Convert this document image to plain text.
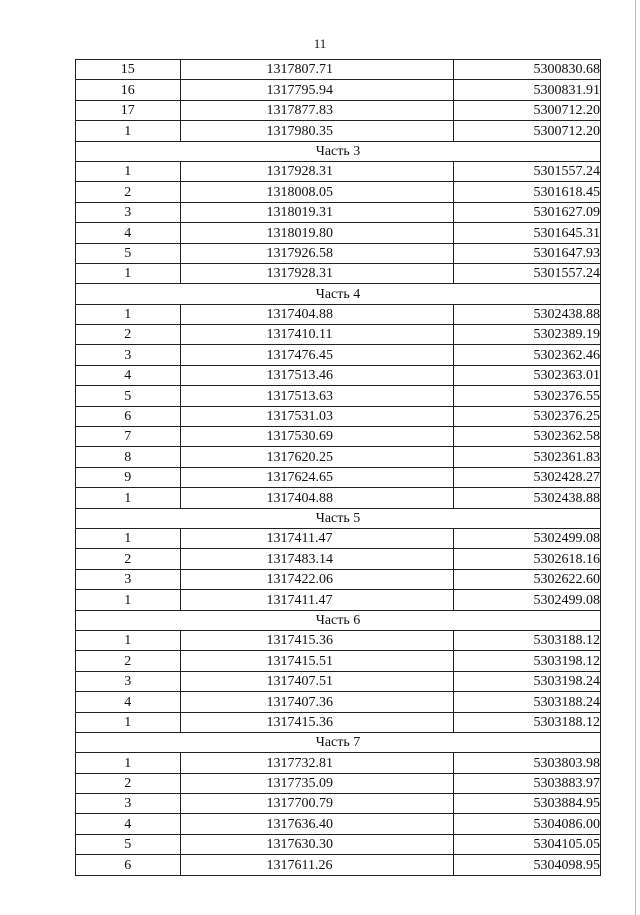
11
15	1317807.71	5300830.68
16	1317795.94	5300831.91
17	1317877.83	5300712.20
1	1317980.35	5300712.20
Часть 3		
1	1317928.31	5301557.24
2	1318008.05	5301618.45
3	1318019.31	5301627.09
4	1318019.80	5301645.31
5	1317926.58	5301647.93
1	1317928.31	5301557.24
Часть 4		
1	1317404.88	5302438.88
2	1317410.11	5302389.19
3	1317476.45	5302362.46
4	1317513.46	5302363.01
5	1317513.63	5302376.55
6	1317531.03	5302376.25
7	1317530.69	5302362.58
8	1317620.25	5302361.83
9	1317624.65	5302428.27
1	1317404.88	5302438.88
Часть 5		
1	1317411.47	5302499.08
2	1317483.14	5302618.16
3	1317422.06	5302622.60
1	1317411.47	5302499.08
Часть 6		
1	1317415.36	5303188.12
2	1317415.51	5303198.12
3	1317407.51	5303198.24
4	1317407.36	5303188.24
1	1317415.36	5303188.12
Часть 7		
1	1317732.81	5303803.98
2	1317735.09	5303883.97
3	1317700.79	5303884.95
4	1317636.40	5304086.00
5	1317630.30	5304105.05
6	1317611.26	5304098.95
